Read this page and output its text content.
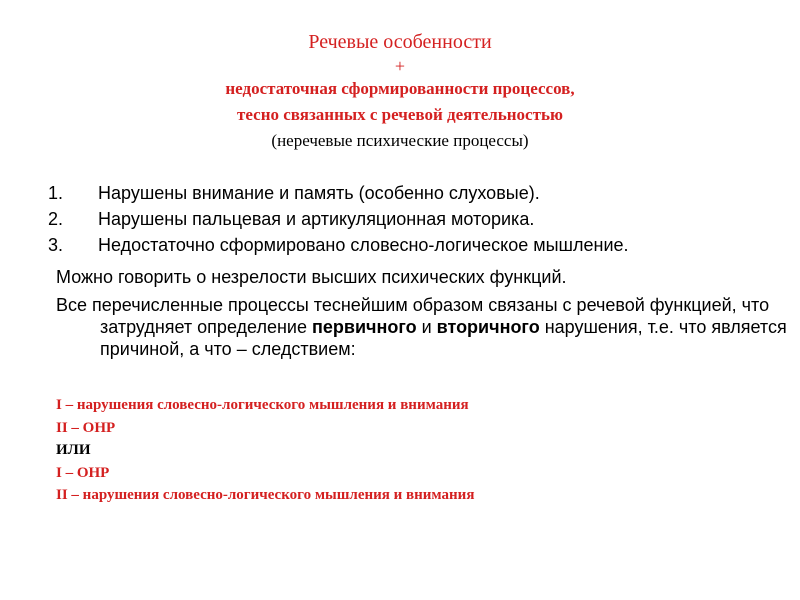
Речевые особенности
+
недостаточная сформированности процессов,
тесно связанных с речевой деятельностью
(неречевые психические процессы)
1.	Нарушены внимание и память (особенно слуховые).
2.	Нарушены пальцевая и артикуляционная моторика.
3.	Недостаточно сформировано словесно-логическое мышление.
Можно говорить о незрелости высших психических функций.
Все перечисленные процессы теснейшим образом связаны с речевой функцией, что затрудняет определение первичного и вторичного нарушения, т.е. что является причиной, а что – следствием:
I – нарушения словесно-логического мышления и внимания
II – ОНР
ИЛИ
I – ОНР
II – нарушения словесно-логического мышления и внимания
